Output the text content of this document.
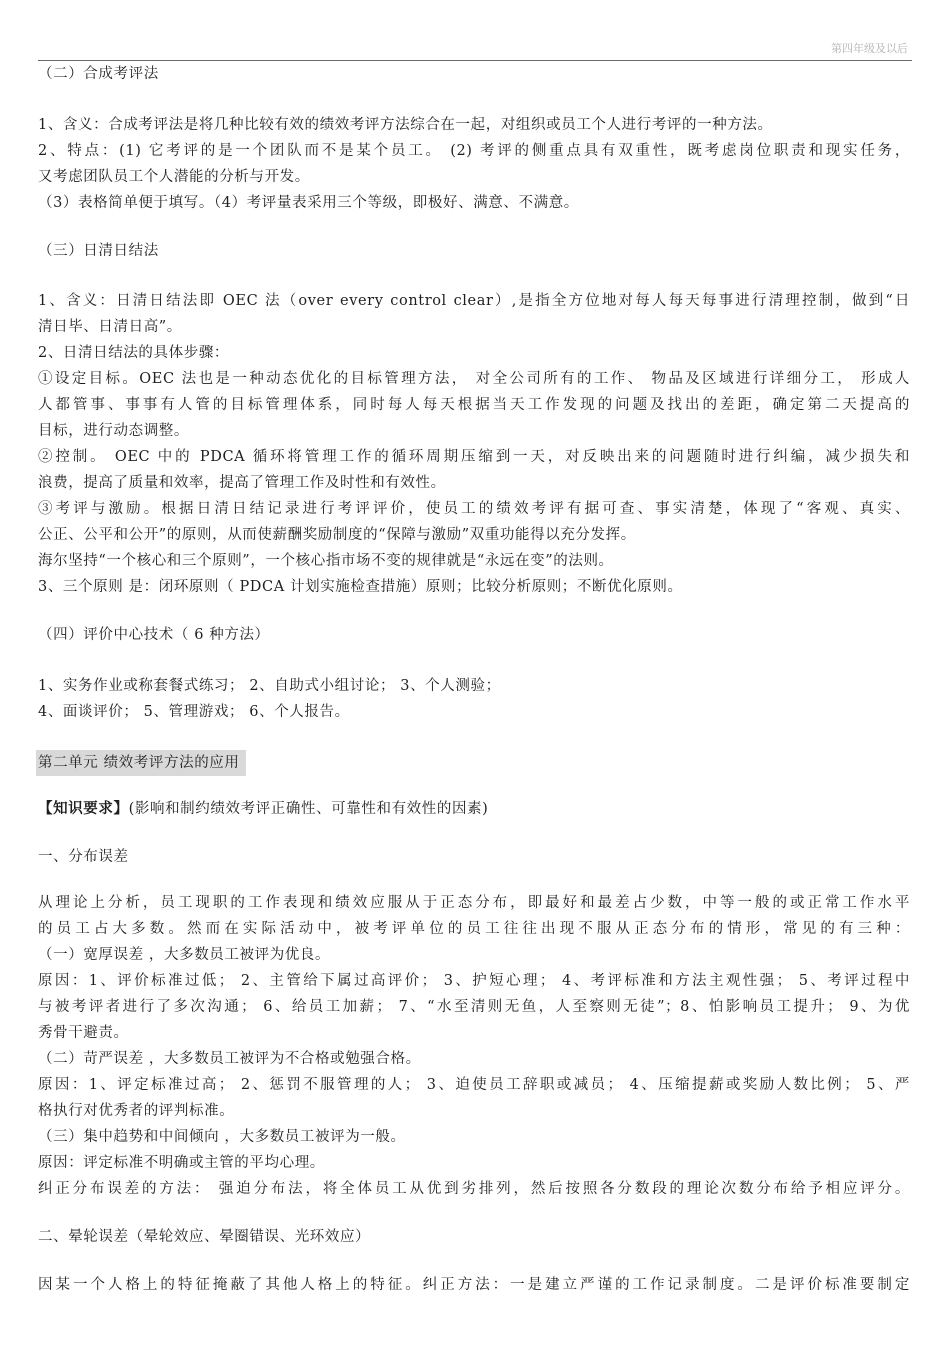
第四年级及以后
（二）合成考评法
1、含义：合成考评法是将几种比较有效的绩效考评方法综合在一起，对组织或员工个人进行考评的一种方法。
2、特点：(1) 它考评的是一个团队而不是某个员工。 (2) 考评的侧重点具有双重性，既考虑岗位职责和现实任务，
又考虑团队员工个人潜能的分析与开发。
（3）表格简单便于填写。（4）考评量表采用三个等级，即极好、满意、不满意。
（三）日清日结法
1、含义：日清日结法即 OEC 法（over every control clear）,是指全方位地对每人每天每事进行清理控制，做到“日
清日毕、日清日高”。
2、日清日结法的具体步骤：
①设定目标。OEC 法也是一种动态优化的目标管理方法， 对全公司所有的工作、 物品及区域进行详细分工， 形成人
人都管事、事事有人管的目标管理体系，同时每人每天根据当天工作发现的问题及找出的差距，确定第二天提高的
目标，进行动态调整。
②控制。 OEC 中的 PDCA 循环将管理工作的循环周期压缩到一天，对反映出来的问题随时进行纠编，减少损失和
浪费，提高了质量和效率，提高了管理工作及时性和有效性。
③考评与激励。根据日清日结记录进行考评评价，使员工的绩效考评有据可查、事实清楚，体现了“客观、真实、
公正、公平和公开”的原则，从而使薪酬奖励制度的“保障与激励”双重功能得以充分发挥。
海尔坚持“一个核心和三个原则”，一个核心指市场不变的规律就是“永远在变”的法则。
3、三个原则 是：闭环原则（ PDCA 计划实施检查措施）原则；比较分析原则；不断优化原则。
（四）评价中心技术（ 6 种方法）
1、实务作业或称套餐式练习； 2、自助式小组讨论； 3、个人测验；
4、面谈评价； 5、管理游戏； 6、个人报告。
第二单元 绩效考评方法的应用
【知识要求】(影响和制约绩效考评正确性、可靠性和有效性的因素)
一、分布误差
从理论上分析，员工现职的工作表现和绩效应服从于正态分布，即最好和最差占少数，中等一般的或正常工作水平
的员工占大多数。然而在实际活动中，被考评单位的员工往往出现不服从正态分布的情形，常见的有三种：
（一）宽厚误差 ，大多数员工被评为优良。
原因：1、评价标准过低； 2、主管给下属过高评价； 3、护短心理； 4、考评标准和方法主观性强； 5、考评过程中
与被考评者进行了多次沟通； 6、给员工加薪； 7、“水至清则无鱼，人至察则无徒”；8、怕影响员工提升； 9、为优
秀骨干避责。
（二）苛严误差 ，大多数员工被评为不合格或勉强合格。
原因：1、评定标准过高； 2、惩罚不服管理的人； 3、迫使员工辞职或减员； 4、压缩提薪或奖励人数比例； 5、严
格执行对优秀者的评判标准。
（三）集中趋势和中间倾向 ，大多数员工被评为一般。
原因：评定标准不明确或主管的平均心理。
纠正分布误差的方法： 强迫分布法，将全体员工从优到劣排列，然后按照各分数段的理论次数分布给予相应评分。
二、晕轮误差（晕轮效应、晕圈错误、光环效应）
因某一个人格上的特征掩蔽了其他人格上的特征。纠正方法：一是建立严谨的工作记录制度。二是评价标准要制定
